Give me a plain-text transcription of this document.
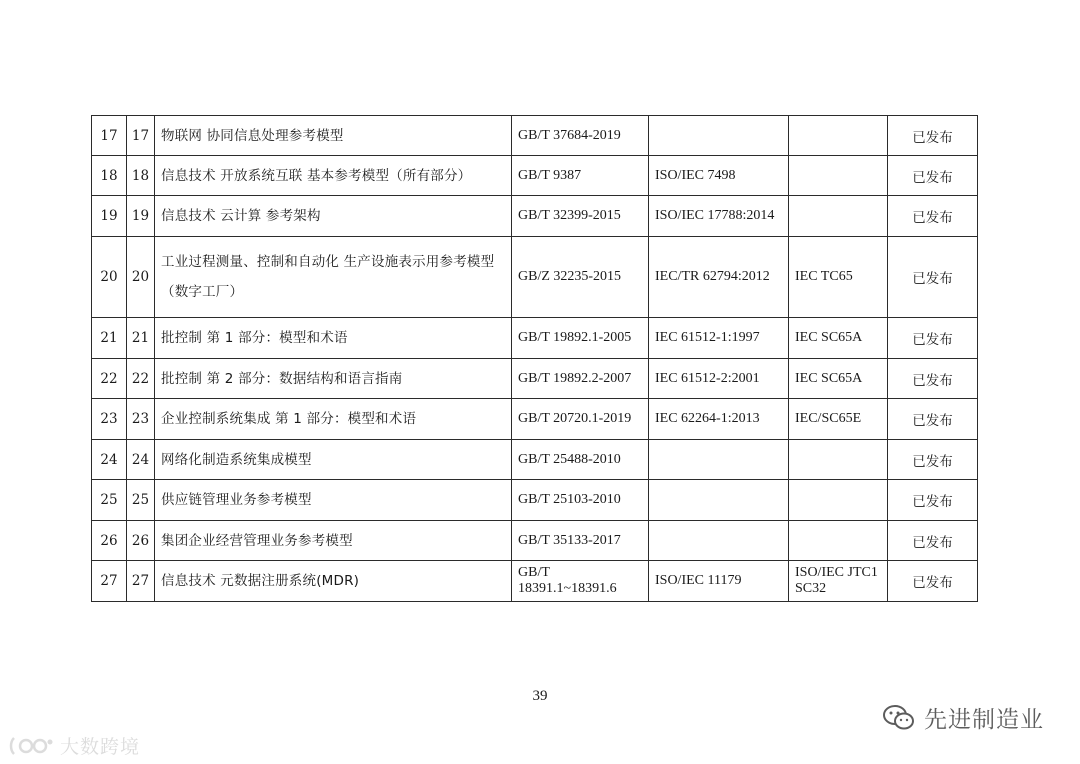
17	17	物联网 协同信息处理参考模型	GB/T 37684-2019			已发布
18	18	信息技术 开放系统互联 基本参考模型（所有部分）	GB/T 9387	ISO/IEC 7498		已发布
19	19	信息技术 云计算 参考架构	GB/T 32399-2015	ISO/IEC 17788:2014		已发布
20	20	工业过程测量、控制和自动化 生产设施表示用参考模型
（数字工厂）	GB/Z 32235-2015	IEC/TR 62794:2012	IEC TC65	已发布
21	21	批控制 第 1 部分：模型和术语	GB/T 19892.1-2005	IEC 61512-1:1997	IEC SC65A	已发布
22	22	批控制 第 2 部分：数据结构和语言指南	GB/T 19892.2-2007	IEC 61512-2:2001	IEC SC65A	已发布
23	23	企业控制系统集成 第 1 部分：模型和术语	GB/T 20720.1-2019	IEC 62264-1:2013	IEC/SC65E	已发布
24	24	网络化制造系统集成模型	GB/T 25488-2010			已发布
25	25	供应链管理业务参考模型	GB/T 25103-2010			已发布
26	26	集团企业经营管理业务参考模型	GB/T 35133-2017			已发布
27	27	信息技术 元数据注册系统(MDR)	GB/T
18391.1~18391.6	ISO/IEC 11179	ISO/IEC JTC1
SC32	已发布
39
先进制造业
大数跨境
